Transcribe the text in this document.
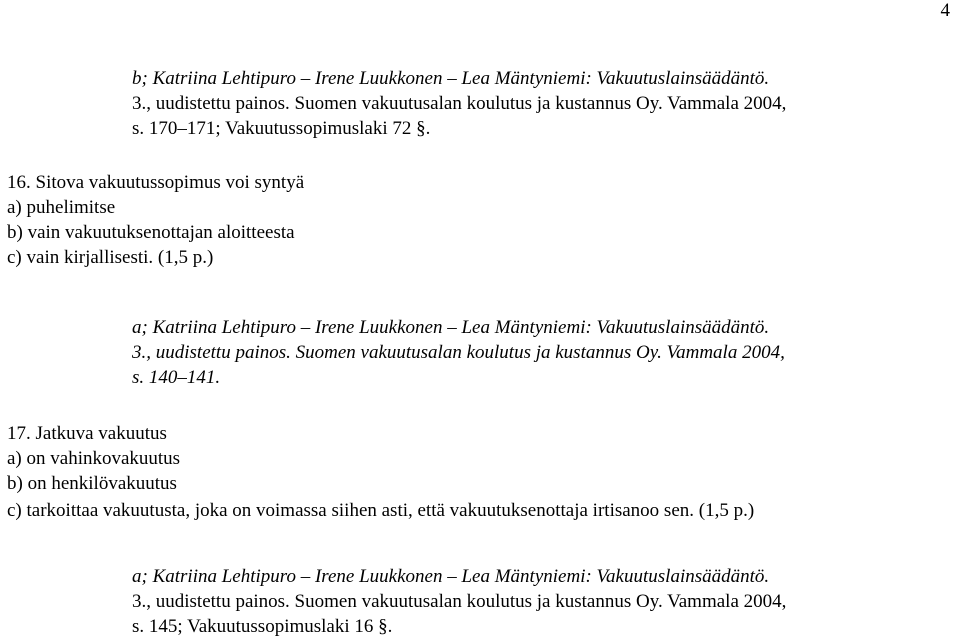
4
b; Katriina Lehtipuro – Irene Luukkonen – Lea Mäntyniemi: Vakuutuslainsäädäntö.
3., uudistettu painos. Suomen vakuutusalan koulutus ja kustannus Oy. Vammala 2004,
s. 170–171; Vakuutussopimuslaki 72 §.
16. Sitova vakuutussopimus voi syntyä
a) puhelimitse
b) vain vakuutuksenottajan aloitteesta
c) vain kirjallisesti. (1,5 p.)
a; Katriina Lehtipuro – Irene Luukkonen – Lea Mäntyniemi: Vakuutuslainsäädäntö.
3., uudistettu painos. Suomen vakuutusalan koulutus ja kustannus Oy. Vammala 2004,
s. 140–141.
17. Jatkuva vakuutus
a) on vahinkovakuutus
b) on henkilövakuutus
c) tarkoittaa vakuutusta, joka on voimassa siihen asti, että vakuutuksenottaja irtisanoo sen. (1,5 p.)
a; Katriina Lehtipuro – Irene Luukkonen – Lea Mäntyniemi: Vakuutuslainsäädäntö.
3., uudistettu painos. Suomen vakuutusalan koulutus ja kustannus Oy. Vammala 2004,
s. 145; Vakuutussopimuslaki 16 §.
